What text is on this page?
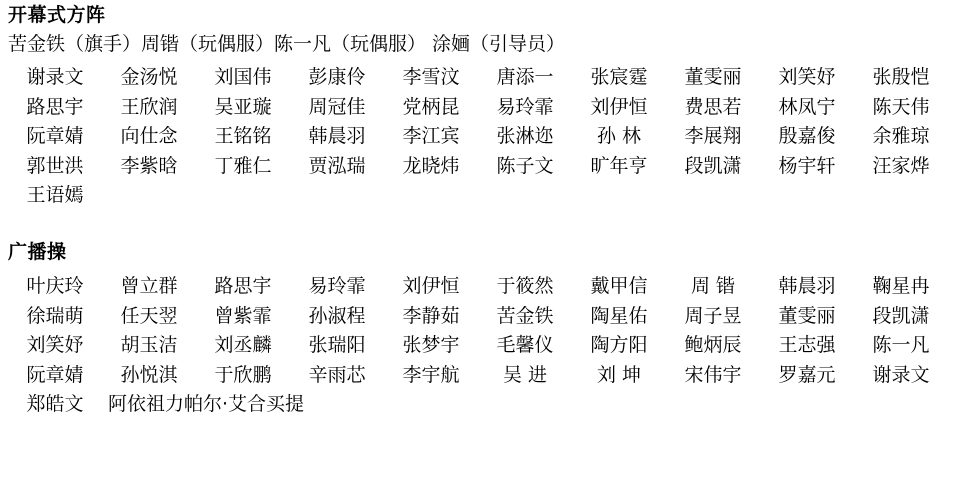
开幕式方阵
苦金铁（旗手）周锴（玩偶服）陈一凡（玩偶服） 涂婳（引导员）
谢录文	金汤悦	刘国伟	彭康伶	李雪汶	唐添一	张宸霆	董雯丽	刘笑妤	张殷恺
路思宇	王欣润	吴亚璇	周冠佳	党柄昆	易玲霏	刘伊恒	费思若	林凤宁	陈天伟
阮章婧	向仕念	王铭铭	韩晨羽	李江宾	张淋迩	孙 林	李展翔	殷嘉俊	余雅琼
郭世洪	李紫晗	丁雅仁	贾泓瑞	龙晓炜	陈子文	旷年亨	段凯潇	杨宇轩	汪家烨
王语嫣
广播操
叶庆玲	曾立群	路思宇	易玲霏	刘伊恒	于筱然	戴甲信	周 锴	韩晨羽	鞠星冉
徐瑞萌	任天翌	曾紫霏	孙淑程	李静茹	苦金铁	陶星佑	周子昱	董雯丽	段凯潇
刘笑妤	胡玉洁	刘丞麟	张瑞阳	张梦宇	毛馨仪	陶方阳	鲍炳辰	王志强	陈一凡
阮章婧	孙悦淇	于欣鹏	辛雨芯	李宇航	吴 进	刘 坤	宋伟宇	罗嘉元	谢录文
郑皓文	阿依祖力帕尔·艾合买提
